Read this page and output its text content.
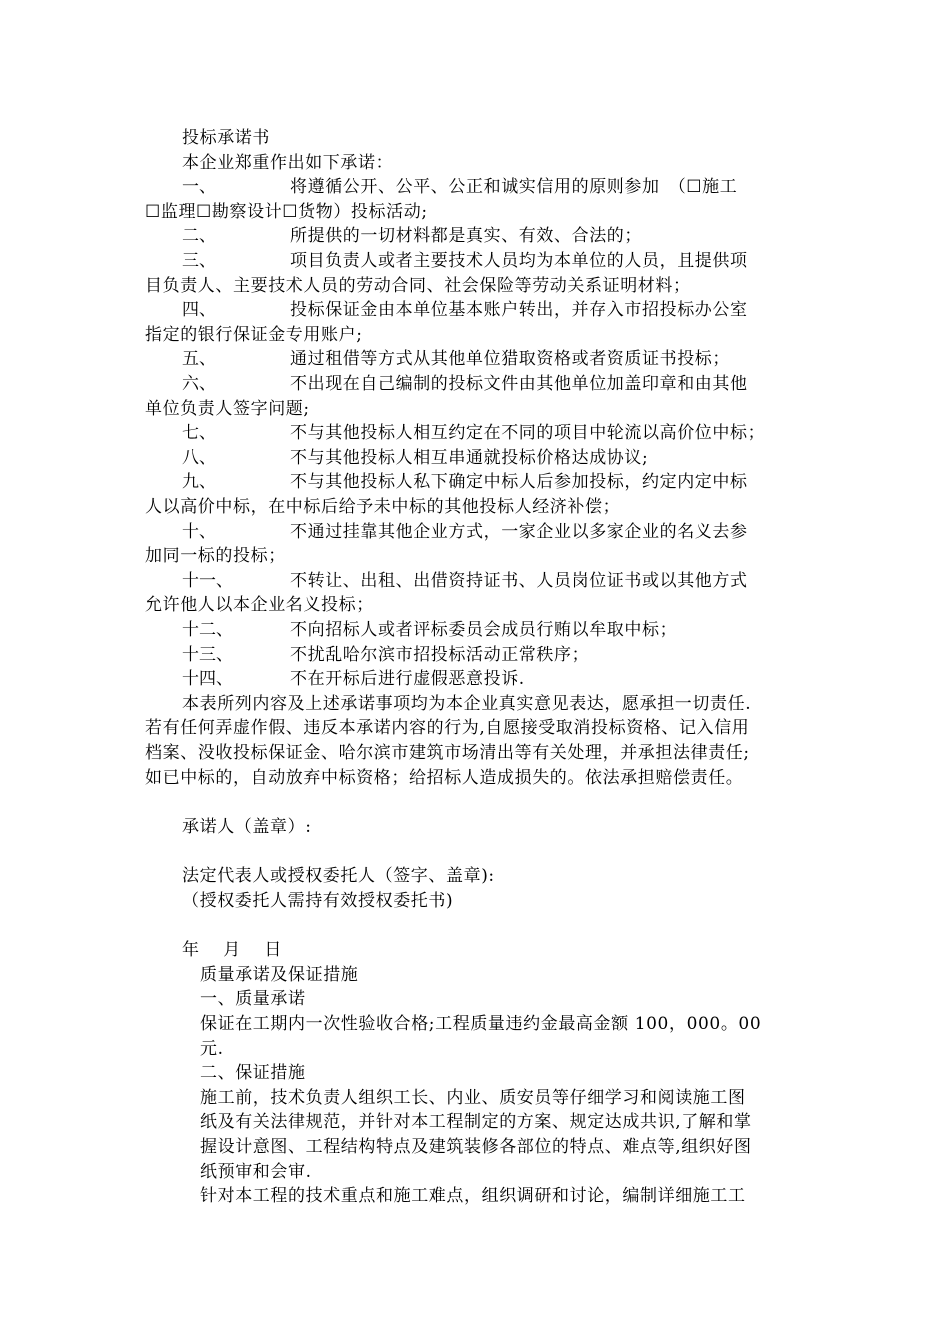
投标承诺书
本企业郑重作出如下承诺：
一、	将遵循公开、公平、公正和诚实信用的原则参加　（☐施工
☐监理☐勘察设计☐货物）投标活动;
二、	所提供的一切材料都是真实、有效、合法的；
三、	项目负责人或者主要技术人员均为本单位的人员，且提供项
目负责人、主要技术人员的劳动合同、社会保险等劳动关系证明材料；
四、	投标保证金由本单位基本账户转出，并存入市招投标办公室
指定的银行保证金专用账户;
五、	通过租借等方式从其他单位猎取资格或者资质证书投标；
六、	不出现在自己编制的投标文件由其他单位加盖印章和由其他
单位负责人签字问题;
七、	不与其他投标人相互约定在不同的项目中轮流以高价位中标；
八、	不与其他投标人相互串通就投标价格达成协议;
九、	不与其他投标人私下确定中标人后参加投标，约定内定中标
人以高价中标，在中标后给予未中标的其他投标人经济补偿；
十、	不通过挂靠其他企业方式，一家企业以多家企业的名义去参
加同一标的投标；
十一、	不转让、出租、出借资持证书、人员岗位证书或以其他方式
允许他人以本企业名义投标；
十二、	不向招标人或者评标委员会成员行贿以牟取中标；
十三、	不扰乱哈尔滨市招投标活动正常秩序；
十四、	不在开标后进行虚假恶意投诉.
本表所列内容及上述承诺事项均为本企业真实意见表达，愿承担一切责任.
若有任何弄虚作假、违反本承诺内容的行为,自愿接受取消投标资格、记入信用
档案、没收投标保证金、哈尔滨市建筑市场清出等有关处理，并承担法律责任;
如已中标的，自动放弃中标资格；给招标人造成损失的。依法承担赔偿责任。
承诺人（盖章）:
法定代表人或授权委托人（签字、盖章):
（授权委托人需持有效授权委托书)
年　 月　 日
质量承诺及保证措施
一、质量承诺
保证在工期内一次性验收合格;工程质量违约金最高金额 100，000。00
元.
二、保证措施
施工前，技术负责人组织工长、内业、质安员等仔细学习和阅读施工图
纸及有关法律规范，并针对本工程制定的方案、规定达成共识,了解和掌
握设计意图、工程结构特点及建筑装修各部位的特点、难点等,组织好图
纸预审和会审.
针对本工程的技术重点和施工难点，组织调研和讨论，编制详细施工工
